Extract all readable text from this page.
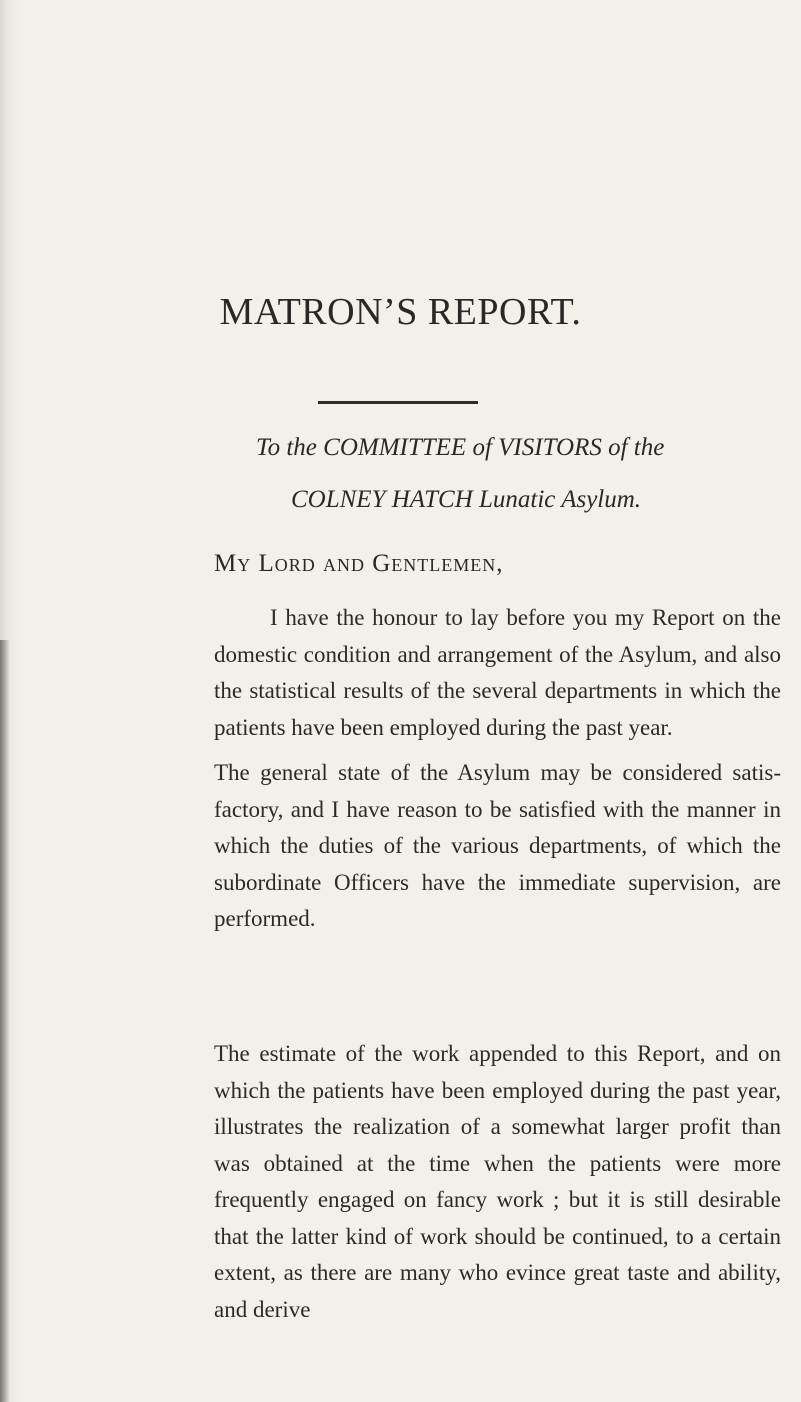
MATRON’S REPORT.
To the COMMITTEE of VISITORS of the
COLNEY HATCH Lunatic Asylum.
My Lord and Gentlemen,
I have the honour to lay before you my Report on the domestic condition and arrangement of the Asylum, and also the statistical results of the several departments in which the patients have been employed during the past year.
The general state of the Asylum may be considered satis- factory, and I have reason to be satisfied with the manner in which the duties of the various departments, of which the subordinate Officers have the immediate supervision, are performed.
The estimate of the work appended to this Report, and on which the patients have been employed during the past year, illustrates the realization of a somewhat larger profit than was obtained at the time when the patients were more frequently engaged on fancy work ; but it is still desirable that the latter kind of work should be continued, to a certain extent, as there are many who evince great taste and ability, and derive
